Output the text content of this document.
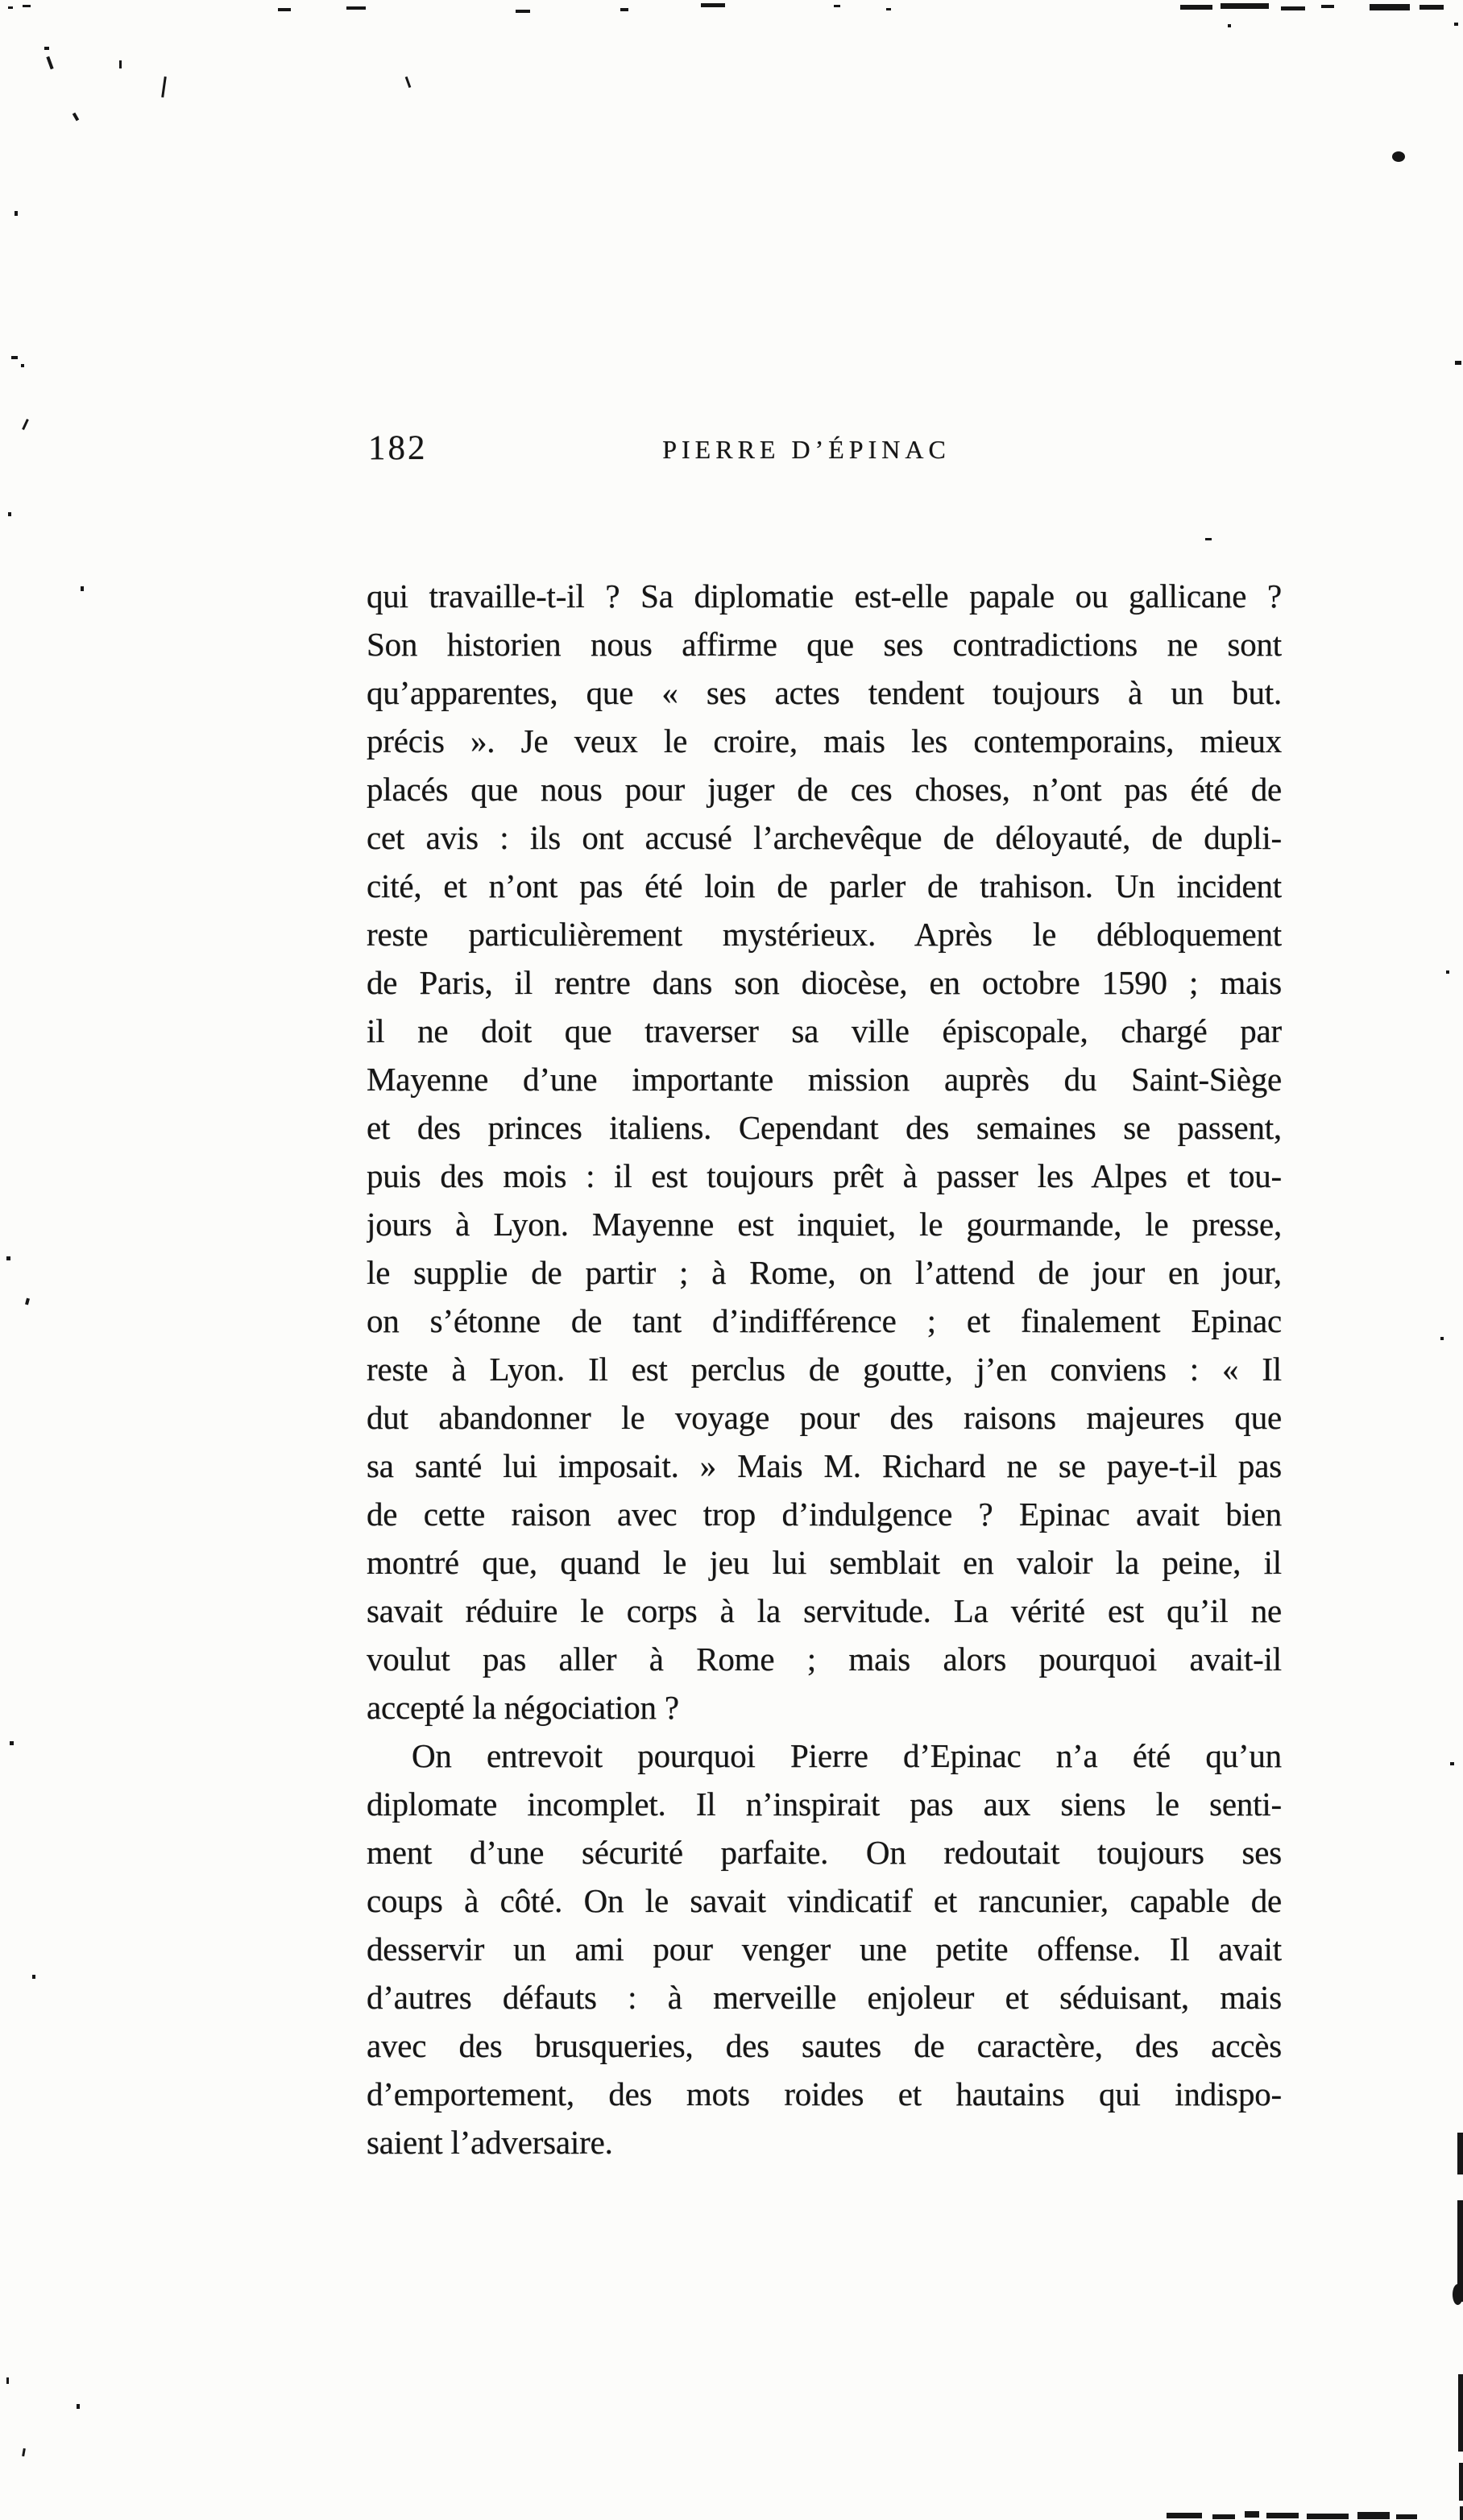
182	PIERRE D’ÉPINAC
qui travaille-t-il ? Sa diplomatie est-elle papale ou gallicane ?
Son historien nous affirme que ses contradictions ne sont
qu’apparentes, que « ses actes tendent toujours à un but.
précis ». Je veux le croire, mais les contemporains, mieux
placés que nous pour juger de ces choses, n’ont pas été de
cet avis : ils ont accusé l’archevêque de déloyauté, de dupli-
cité, et n’ont pas été loin de parler de trahison. Un incident
reste particulièrement mystérieux. Après le débloquement
de Paris, il rentre dans son diocèse, en octobre 1590 ; mais
il ne doit que traverser sa ville épiscopale, chargé par
Mayenne d’une importante mission auprès du Saint-Siège
et des princes italiens. Cependant des semaines se passent,
puis des mois : il est toujours prêt à passer les Alpes et tou-
jours à Lyon. Mayenne est inquiet, le gourmande, le presse,
le supplie de partir ; à Rome, on l’attend de jour en jour,
on s’étonne de tant d’indifférence ; et finalement Epinac
reste à Lyon. Il est perclus de goutte, j’en conviens : « Il
dut abandonner le voyage pour des raisons majeures que
sa santé lui imposait. » Mais M. Richard ne se paye-t-il pas
de cette raison avec trop d’indulgence ? Epinac avait bien
montré que, quand le jeu lui semblait en valoir la peine, il
savait réduire le corps à la servitude. La vérité est qu’il ne
voulut pas aller à Rome ; mais alors pourquoi avait-il
accepté la négociation ?
On entrevoit pourquoi Pierre d’Epinac n’a été qu’un
diplomate incomplet. Il n’inspirait pas aux siens le senti-
ment d’une sécurité parfaite. On redoutait toujours ses
coups à côté. On le savait vindicatif et rancunier, capable de
desservir un ami pour venger une petite offense. Il avait
d’autres défauts : à merveille enjoleur et séduisant, mais
avec des brusqueries, des sautes de caractère, des accès
d’emportement, des mots roides et hautains qui indispo-
saient l’adversaire.
